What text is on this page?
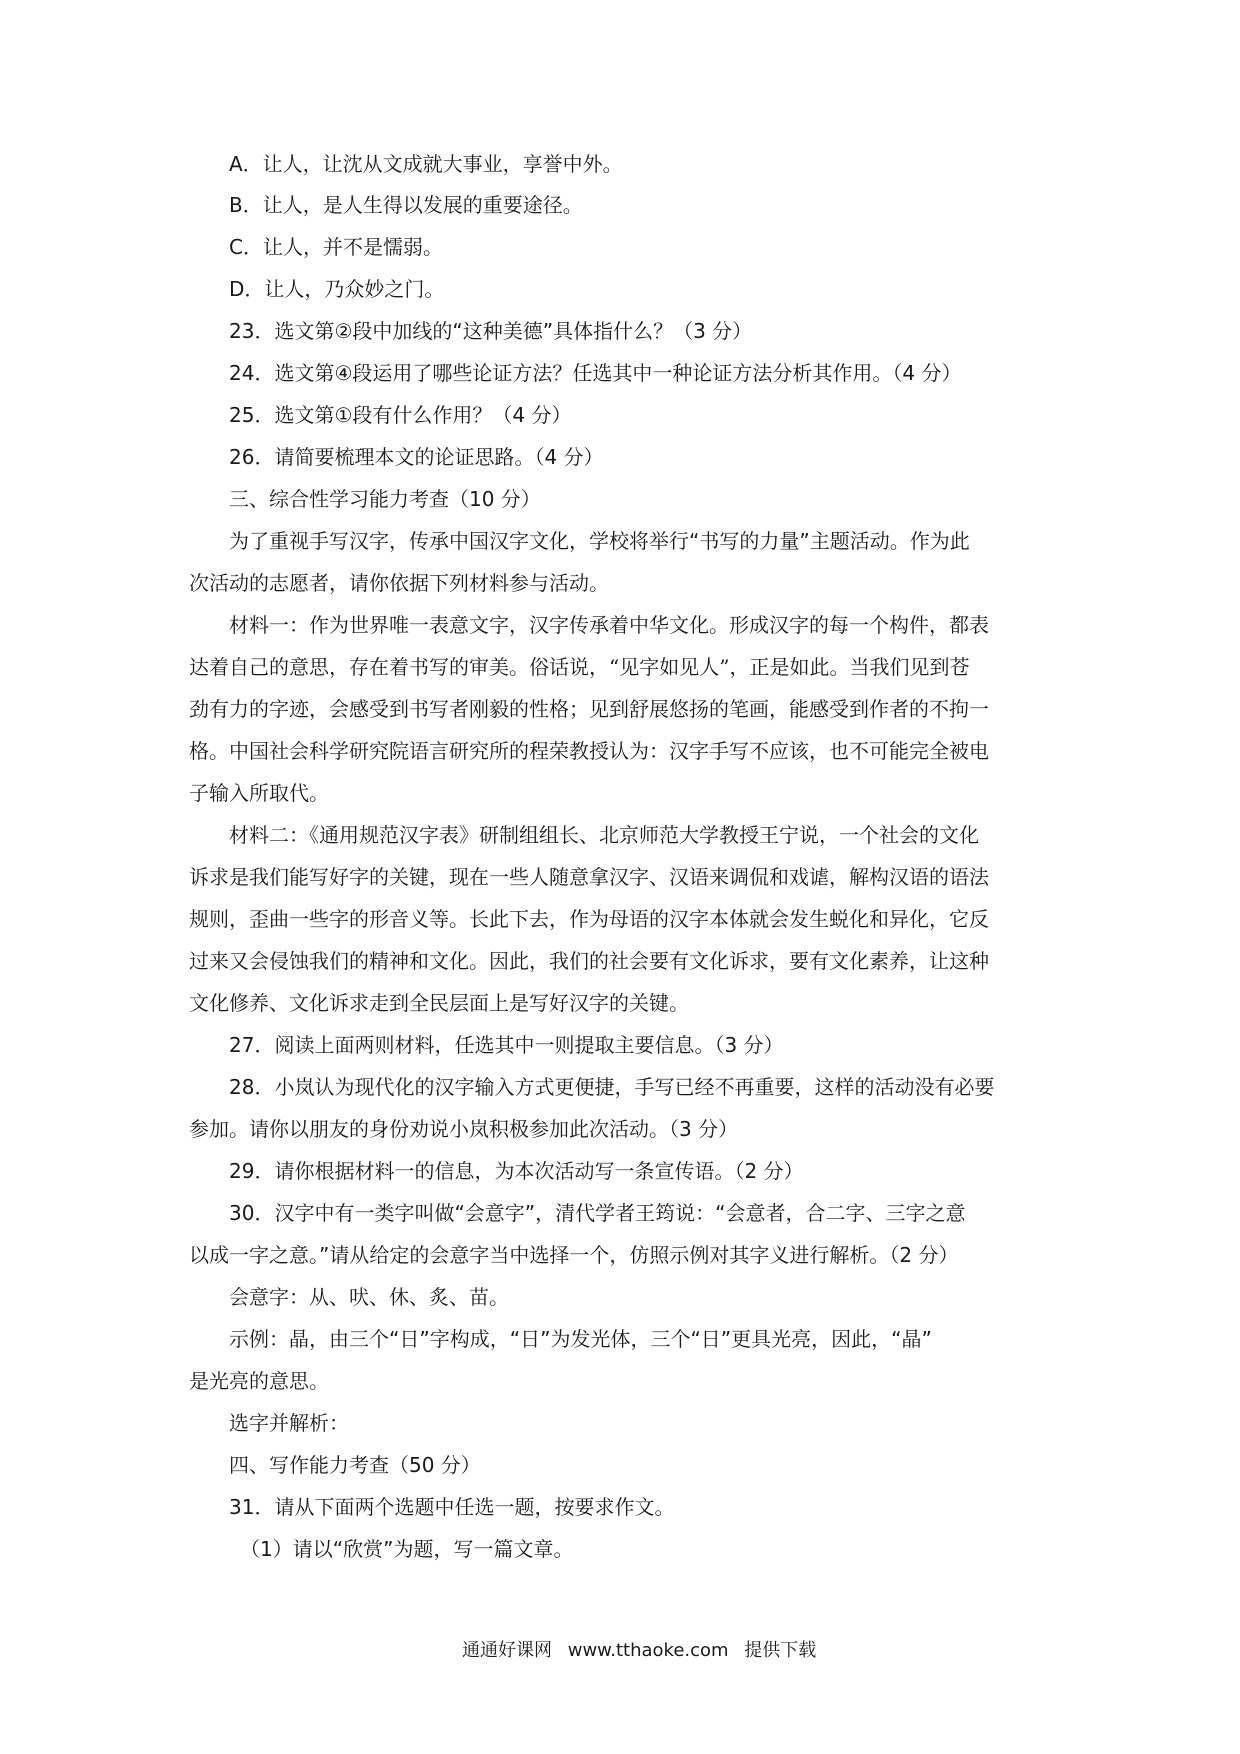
A．让人，让沈从文成就大事业，享誉中外。

B．让人，是人生得以发展的重要途径。

C．让人，并不是懦弱。

D．让人，乃众妙之门。

23．选文第②段中加线的“这种美德”具体指什么？（3 分）

24．选文第④段运用了哪些论证方法？任选其中一种论证方法分析其作用。（4 分）

25．选文第①段有什么作用？（4 分）

26．请简要梳理本文的论证思路。（4 分）

三、综合性学习能力考查（10 分）

为了重视手写汉字，传承中国汉字文化，学校将举行“书写的力量”主题活动。作为此

次活动的志愿者，请你依据下列材料参与活动。

材料一：作为世界唯一表意文字，汉字传承着中华文化。形成汉字的每一个构件，都表

达着自己的意思，存在着书写的审美。俗话说，“见字如见人”，正是如此。当我们见到苍

劲有力的字迹，会感受到书写者刚毅的性格；见到舒展悠扬的笔画，能感受到作者的不拘一

格。中国社会科学研究院语言研究所的程荣教授认为：汉字手写不应该，也不可能完全被电

子输入所取代。

材料二：《通用规范汉字表》研制组组长、北京师范大学教授王宁说，一个社会的文化

诉求是我们能写好字的关键，现在一些人随意拿汉字、汉语来调侃和戏谑，解构汉语的语法

规则，歪曲一些字的形音义等。长此下去，作为母语的汉字本体就会发生蜕化和异化，它反

过来又会侵蚀我们的精神和文化。因此，我们的社会要有文化诉求，要有文化素养，让这种

文化修养、文化诉求走到全民层面上是写好汉字的关键。

27．阅读上面两则材料，任选其中一则提取主要信息。（3 分）

28．小岚认为现代化的汉字输入方式更便捷，手写已经不再重要，这样的活动没有必要

参加。请你以朋友的身份劝说小岚积极参加此次活动。（3 分）

29．请你根据材料一的信息，为本次活动写一条宣传语。（2 分）

30．汉字中有一类字叫做“会意字”，清代学者王筠说：“会意者，合二字、三字之意

以成一字之意。”请从给定的会意字当中选择一个，仿照示例对其字义进行解析。（2 分）

会意字：从、吠、休、炙、苗。

示例：晶，由三个“日”字构成，“日”为发光体，三个“日”更具光亮，因此，“晶”

是光亮的意思。

选字并解析：

四、写作能力考查（50 分）

31．请从下面两个选题中任选一题，按要求作文。

（1）请以“欣赏”为题，写一篇文章。

通通好课网 www.tthaoke.com 提供下载
